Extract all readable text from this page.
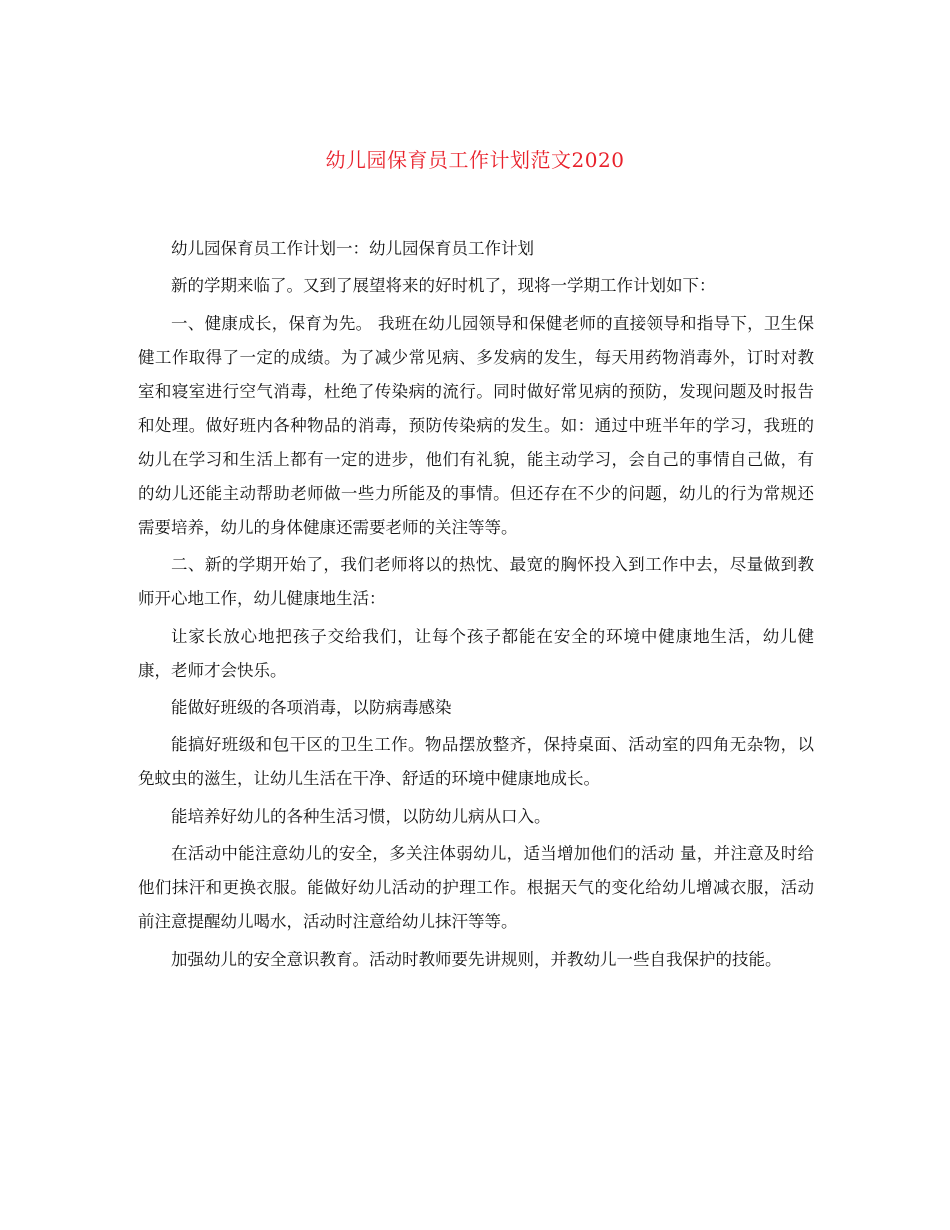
幼儿园保育员工作计划范文2020

幼儿园保育员工作计划一：幼儿园保育员工作计划

新的学期来临了。又到了展望将来的好时机了，现将一学期工作计划如下：

一、健康成长，保育为先。 我班在幼儿园领导和保健老师的直接领导和指导下，卫生保健工作取得了一定的成绩。为了减少常见病、多发病的发生，每天用药物消毒外，订时对教室和寝室进行空气消毒，杜绝了传染病的流行。同时做好常见病的预防，发现问题及时报告和处理。做好班内各种物品的消毒，预防传染病的发生。如：通过中班半年的学习，我班的幼儿在学习和生活上都有一定的进步，他们有礼貌，能主动学习，会自己的事情自己做，有的幼儿还能主动帮助老师做一些力所能及的事情。但还存在不少的问题，幼儿的行为常规还需要培养，幼儿的身体健康还需要老师的关注等等。

二、新的学期开始了，我们老师将以的热忱、最宽的胸怀投入到工作中去，尽量做到教师开心地工作，幼儿健康地生活：

让家长放心地把孩子交给我们，让每个孩子都能在安全的环境中健康地生活，幼儿健康，老师才会快乐。

能做好班级的各项消毒，以防病毒感染

能搞好班级和包干区的卫生工作。物品摆放整齐，保持桌面、活动室的四角无杂物，以免蚊虫的滋生，让幼儿生活在干净、舒适的环境中健康地成长。

能培养好幼儿的各种生活习惯，以防幼儿病从口入。

在活动中能注意幼儿的安全，多关注体弱幼儿，适当增加他们的活动 量，并注意及时给他们抹汗和更换衣服。能做好幼儿活动的护理工作。根据天气的变化给幼儿增减衣服，活动前注意提醒幼儿喝水，活动时注意给幼儿抹汗等等。

加强幼儿的安全意识教育。活动时教师要先讲规则，并教幼儿一些自我保护的技能。
